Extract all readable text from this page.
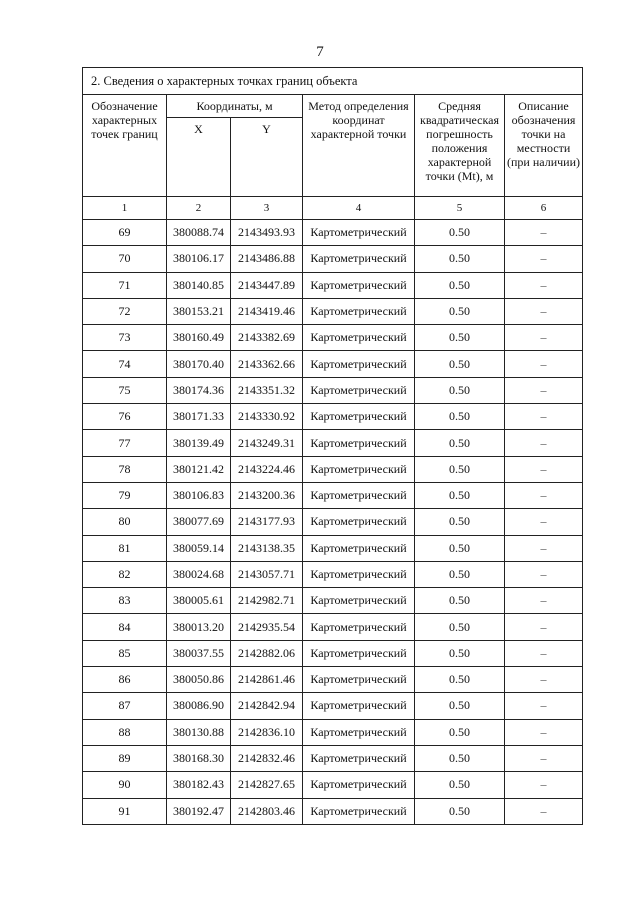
7
2. Сведения о характерных точках границ объекта					
Обозначение характерных точек границ	Координаты, м		Метод определения координат характерной точки	Средняя квадратическая погрешность положения характерной точки (Mt), м	Описание обозначения точки на местности (при наличии)
	X	Y			
1	2	3	4	5	6
69	380088.74	2143493.93	Картометрический	0.50	–
70	380106.17	2143486.88	Картометрический	0.50	–
71	380140.85	2143447.89	Картометрический	0.50	–
72	380153.21	2143419.46	Картометрический	0.50	–
73	380160.49	2143382.69	Картометрический	0.50	–
74	380170.40	2143362.66	Картометрический	0.50	–
75	380174.36	2143351.32	Картометрический	0.50	–
76	380171.33	2143330.92	Картометрический	0.50	–
77	380139.49	2143249.31	Картометрический	0.50	–
78	380121.42	2143224.46	Картометрический	0.50	–
79	380106.83	2143200.36	Картометрический	0.50	–
80	380077.69	2143177.93	Картометрический	0.50	–
81	380059.14	2143138.35	Картометрический	0.50	–
82	380024.68	2143057.71	Картометрический	0.50	–
83	380005.61	2142982.71	Картометрический	0.50	–
84	380013.20	2142935.54	Картометрический	0.50	–
85	380037.55	2142882.06	Картометрический	0.50	–
86	380050.86	2142861.46	Картометрический	0.50	–
87	380086.90	2142842.94	Картометрический	0.50	–
88	380130.88	2142836.10	Картометрический	0.50	–
89	380168.30	2142832.46	Картометрический	0.50	–
90	380182.43	2142827.65	Картометрический	0.50	–
91	380192.47	2142803.46	Картометрический	0.50	–
